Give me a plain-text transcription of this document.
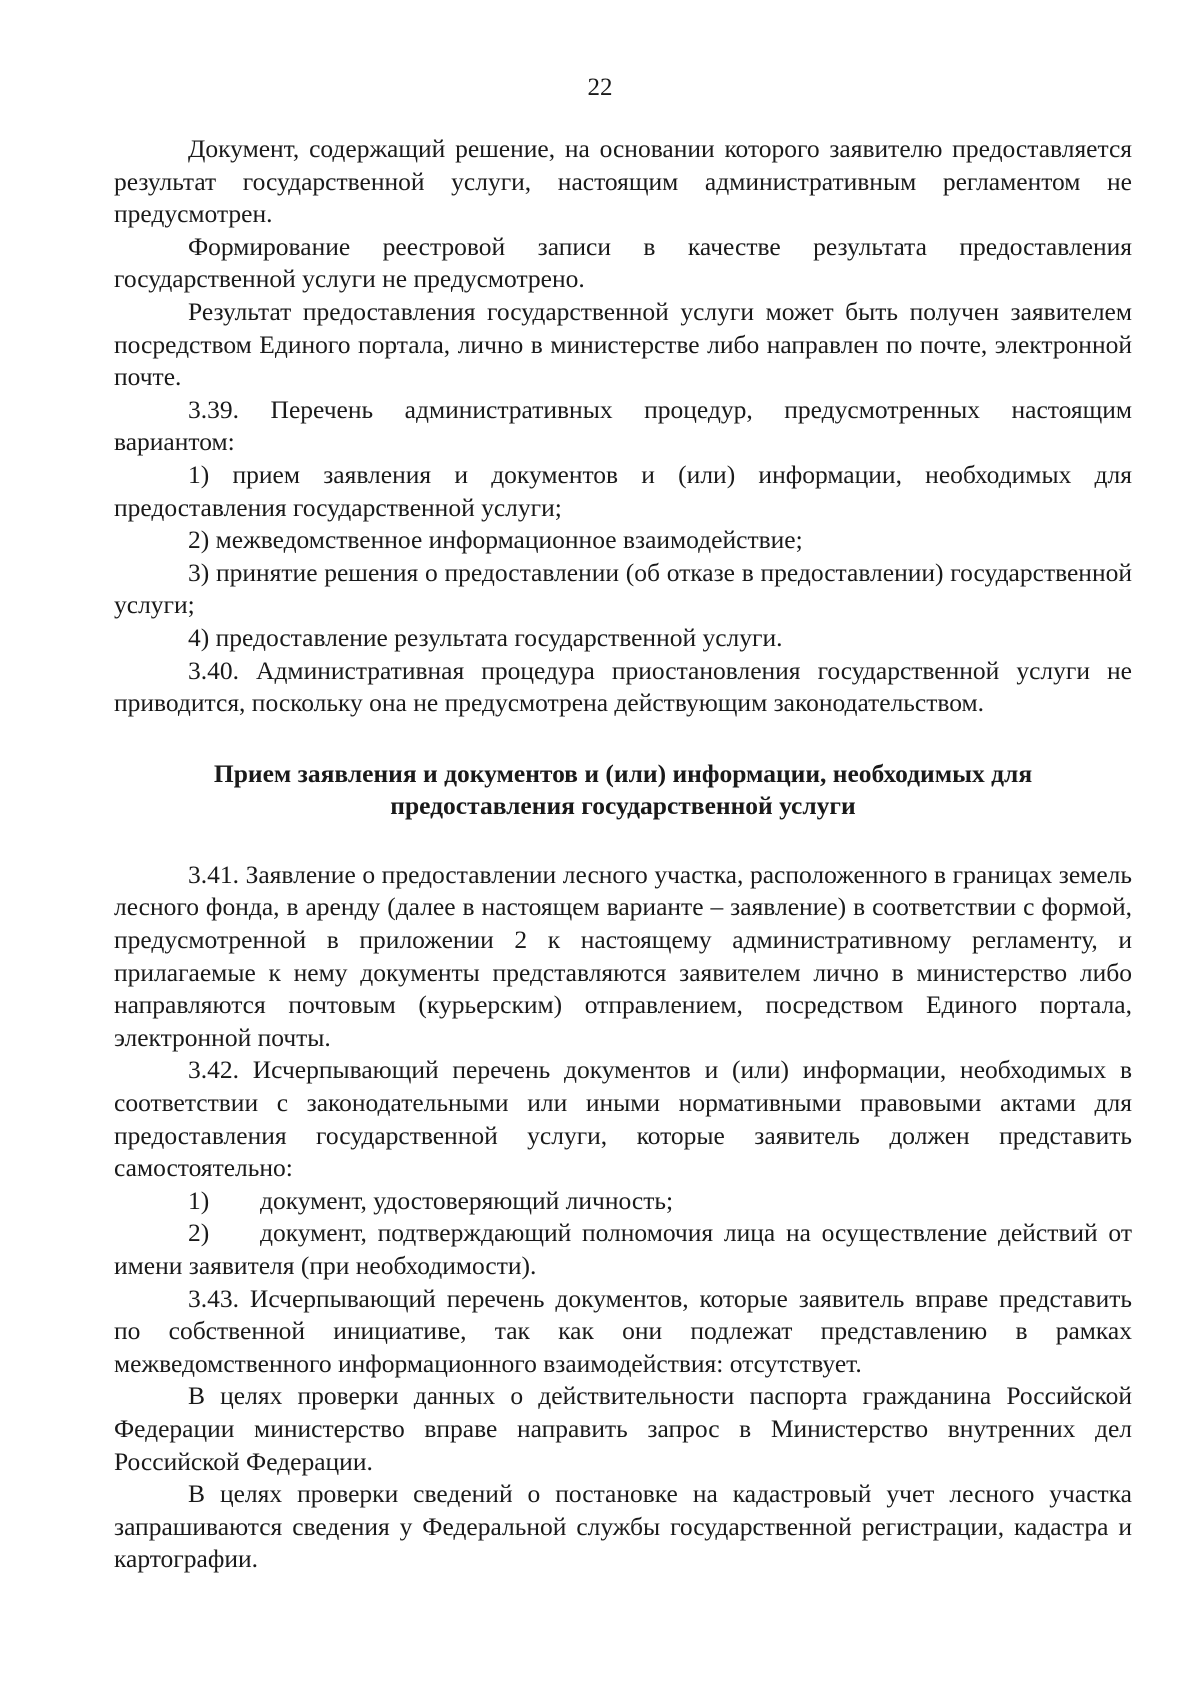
22

Документ, содержащий решение, на основании которого заявителю предоставляется результат государственной услуги, настоящим административным регламентом не предусмотрен.

Формирование реестровой записи в качестве результата предоставления государственной услуги не предусмотрено.

Результат предоставления государственной услуги может быть получен заявителем посредством Единого портала, лично в министерстве либо направлен по почте, электронной почте.

3.39. Перечень административных процедур, предусмотренных настоящим вариантом:

1) прием заявления и документов и (или) информации, необходимых для предоставления государственной услуги;

2) межведомственное информационное взаимодействие;

3) принятие решения о предоставлении (об отказе в предоставлении) государственной услуги;

4) предоставление результата государственной услуги.

3.40. Административная процедура приостановления государственной услуги не приводится, поскольку она не предусмотрена действующим законодательством.

Прием заявления и документов и (или) информации, необходимых для
предоставления государственной услуги

3.41. Заявление о предоставлении лесного участка, расположенного в границах земель лесного фонда, в аренду (далее в настоящем варианте – заявление) в соответствии с формой, предусмотренной в приложении 2 к настоящему административному регламенту, и прилагаемые к нему документы представляются заявителем лично в министерство либо направляются почтовым (курьерским) отправлением, посредством Единого портала, электронной почты.

3.42. Исчерпывающий перечень документов и (или) информации, необходимых в соответствии с законодательными или иными нормативными правовыми актами для предоставления государственной услуги, которые заявитель должен представить самостоятельно:

1)	документ, удостоверяющий личность;

2) документ, подтверждающий полномочия лица на осуществление действий от имени заявителя (при необходимости).

3.43. Исчерпывающий перечень документов, которые заявитель вправе представить по собственной инициативе, так как они подлежат представлению в рамках межведомственного информационного взаимодействия: отсутствует.

В целях проверки данных о действительности паспорта гражданина Российской Федерации министерство вправе направить запрос в Министерство внутренних дел Российской Федерации.

В целях проверки сведений о постановке на кадастровый учет лесного участка запрашиваются сведения у Федеральной службы государственной регистрации, кадастра и картографии.
